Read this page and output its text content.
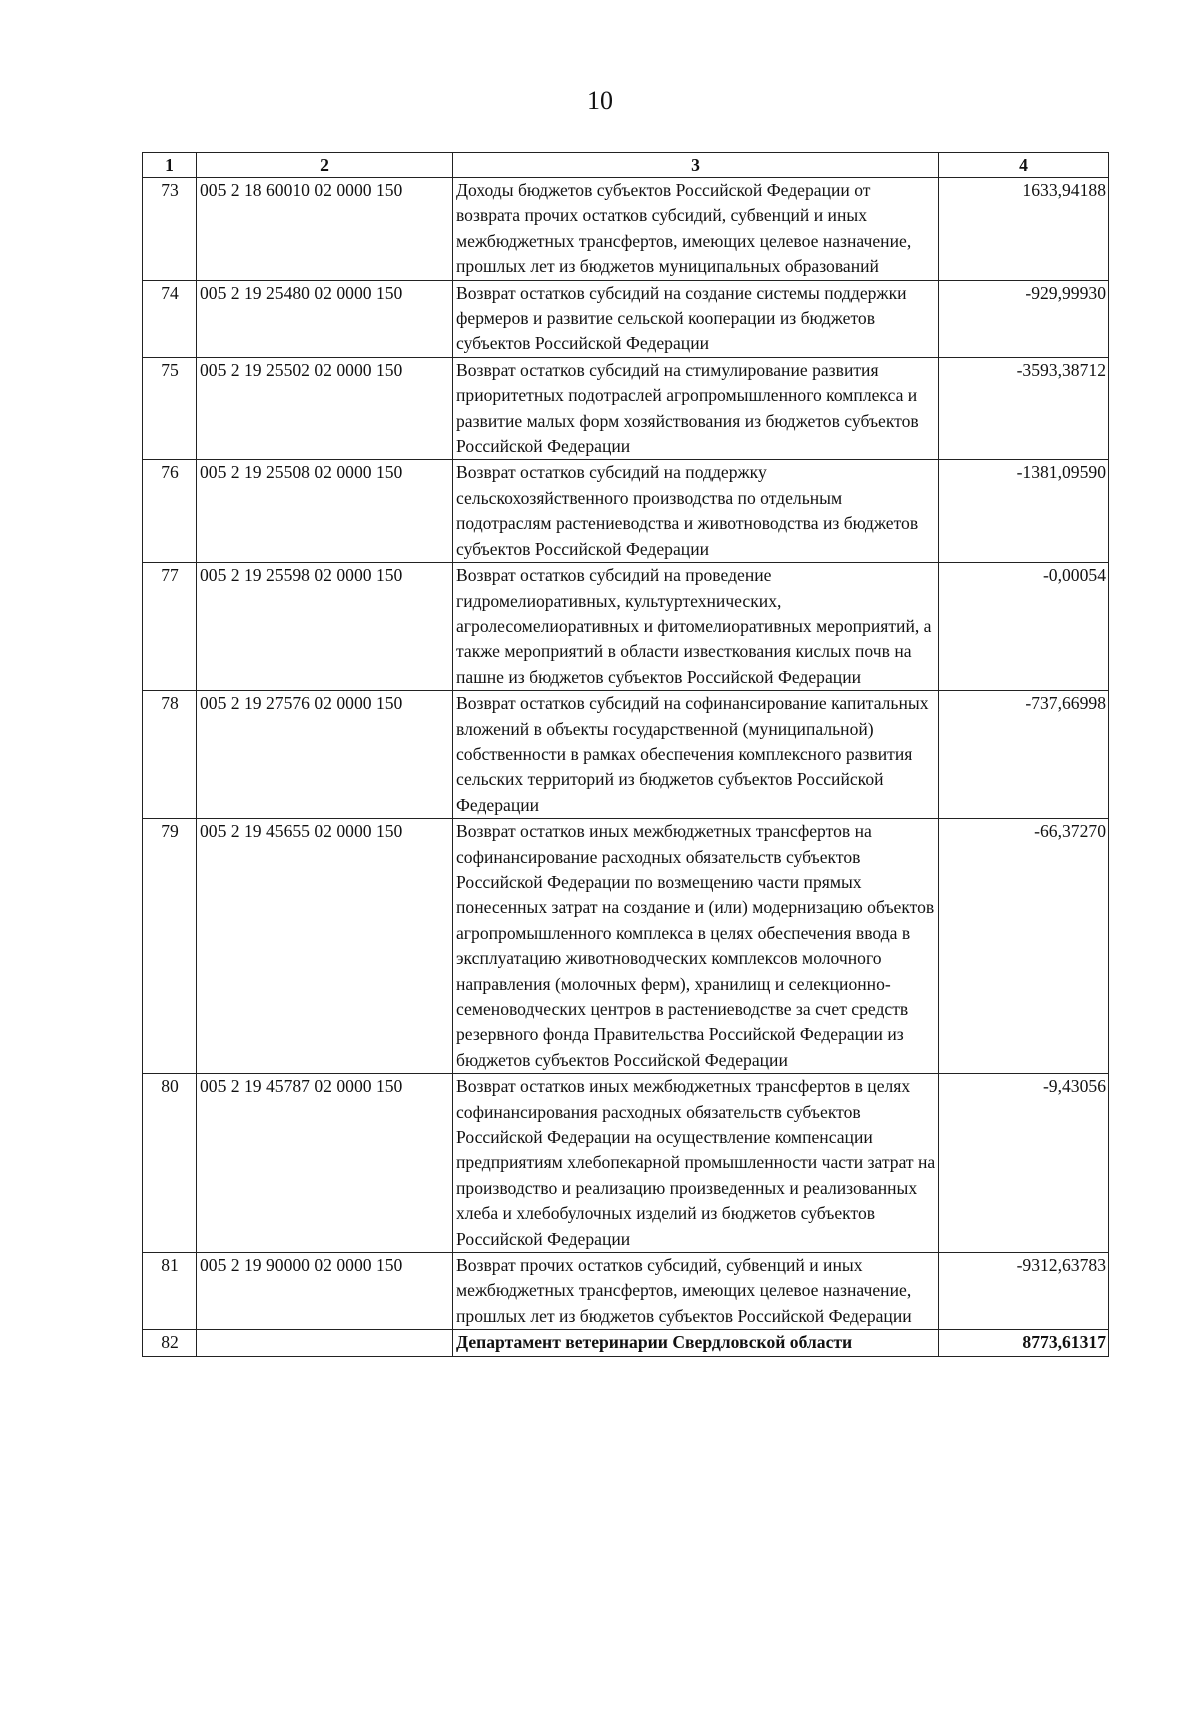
10
1	2	3	4
73	005 2 18 60010 02 0000 150	Доходы бюджетов субъектов Российской Федерации от возврата прочих остатков субсидий, субвенций и иных межбюджетных трансфертов, имеющих целевое назначение, прошлых лет из бюджетов муниципальных образований	1633,94188
74	005 2 19 25480 02 0000 150	Возврат остатков субсидий на создание системы поддержки фермеров и развитие сельской кооперации из бюджетов субъектов Российской Федерации	-929,99930
75	005 2 19 25502 02 0000 150	Возврат остатков субсидий на стимулирование развития приоритетных подотраслей агропромышленного комплекса и развитие малых форм хозяйствования из бюджетов субъектов Российской Федерации	-3593,38712
76	005 2 19 25508 02 0000 150	Возврат остатков субсидий на поддержку сельскохозяйственного производства по отдельным подотраслям растениеводства и животноводства из бюджетов субъектов Российской Федерации	-1381,09590
77	005 2 19 25598 02 0000 150	Возврат остатков субсидий на проведение гидромелиоративных, культуртехнических, агролесомелиоративных и фитомелиоративных мероприятий, а также мероприятий в области известкования кислых почв на пашне из бюджетов субъектов Российской Федерации	-0,00054
78	005 2 19 27576 02 0000 150	Возврат остатков субсидий на софинансирование капитальных вложений в объекты государственной (муниципальной) собственности в рамках обеспечения комплексного развития сельских территорий из бюджетов субъектов Российской Федерации	-737,66998
79	005 2 19 45655 02 0000 150	Возврат остатков иных межбюджетных трансфертов на софинансирование расходных обязательств субъектов Российской Федерации по возмещению части прямых понесенных затрат на создание и (или) модернизацию объектов агропромышленного комплекса в целях обеспечения ввода в эксплуатацию животноводческих комплексов молочного направления (молочных ферм), хранилищ и селекционно-семеноводческих центров в растениеводстве за счет средств резервного фонда Правительства Российской Федерации из бюджетов субъектов Российской Федерации	-66,37270
80	005 2 19 45787 02 0000 150	Возврат остатков иных межбюджетных трансфертов в целях софинансирования расходных обязательств субъектов Российской Федерации на осуществление компенсации предприятиям хлебопекарной промышленности части затрат на производство и реализацию произведенных и реализованных хлеба и хлебобулочных изделий из бюджетов субъектов Российской Федерации	-9,43056
81	005 2 19 90000 02 0000 150	Возврат прочих остатков субсидий, субвенций и иных межбюджетных трансфертов, имеющих целевое назначение, прошлых лет из бюджетов субъектов Российской Федерации	-9312,63783
82		Департамент ветеринарии Свердловской области	8773,61317
